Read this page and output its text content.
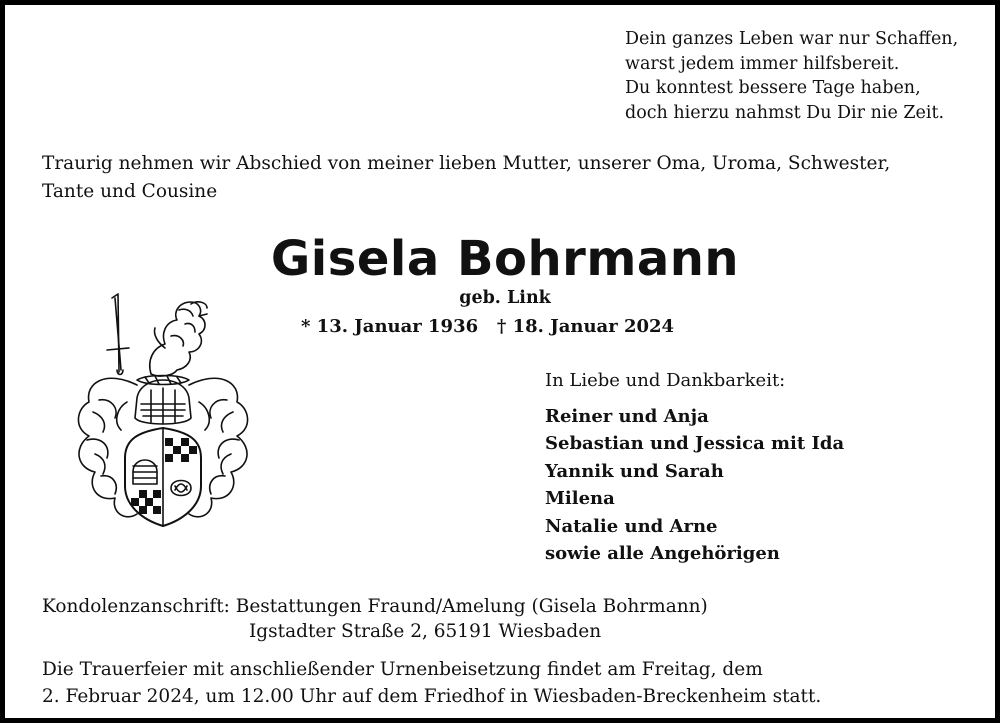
Dein ganzes Leben war nur Schaffen,
warst jedem immer hilfsbereit.
Du konntest bessere Tage haben,
doch hierzu nahmst Du Dir nie Zeit.
Traurig nehmen wir Abschied von meiner lieben Mutter, unserer Oma, Uroma, Schwester,
Tante und Cousine
Gisela Bohrmann
geb. Link
* 13. Januar 1936   † 18. Januar 2024
In Liebe und Dankbarkeit:
Reiner und Anja
Sebastian und Jessica mit Ida
Yannik und Sarah
Milena
Natalie und Arne
sowie alle Angehörigen
Kondolenzanschrift: Bestattungen Fraund/Amelung (Gisela Bohrmann)
Igstadter Straße 2, 65191 Wiesbaden
Die Trauerfeier mit anschließender Urnenbeisetzung findet am Freitag, dem
2. Februar 2024, um 12.00 Uhr auf dem Friedhof in Wiesbaden-Breckenheim statt.
